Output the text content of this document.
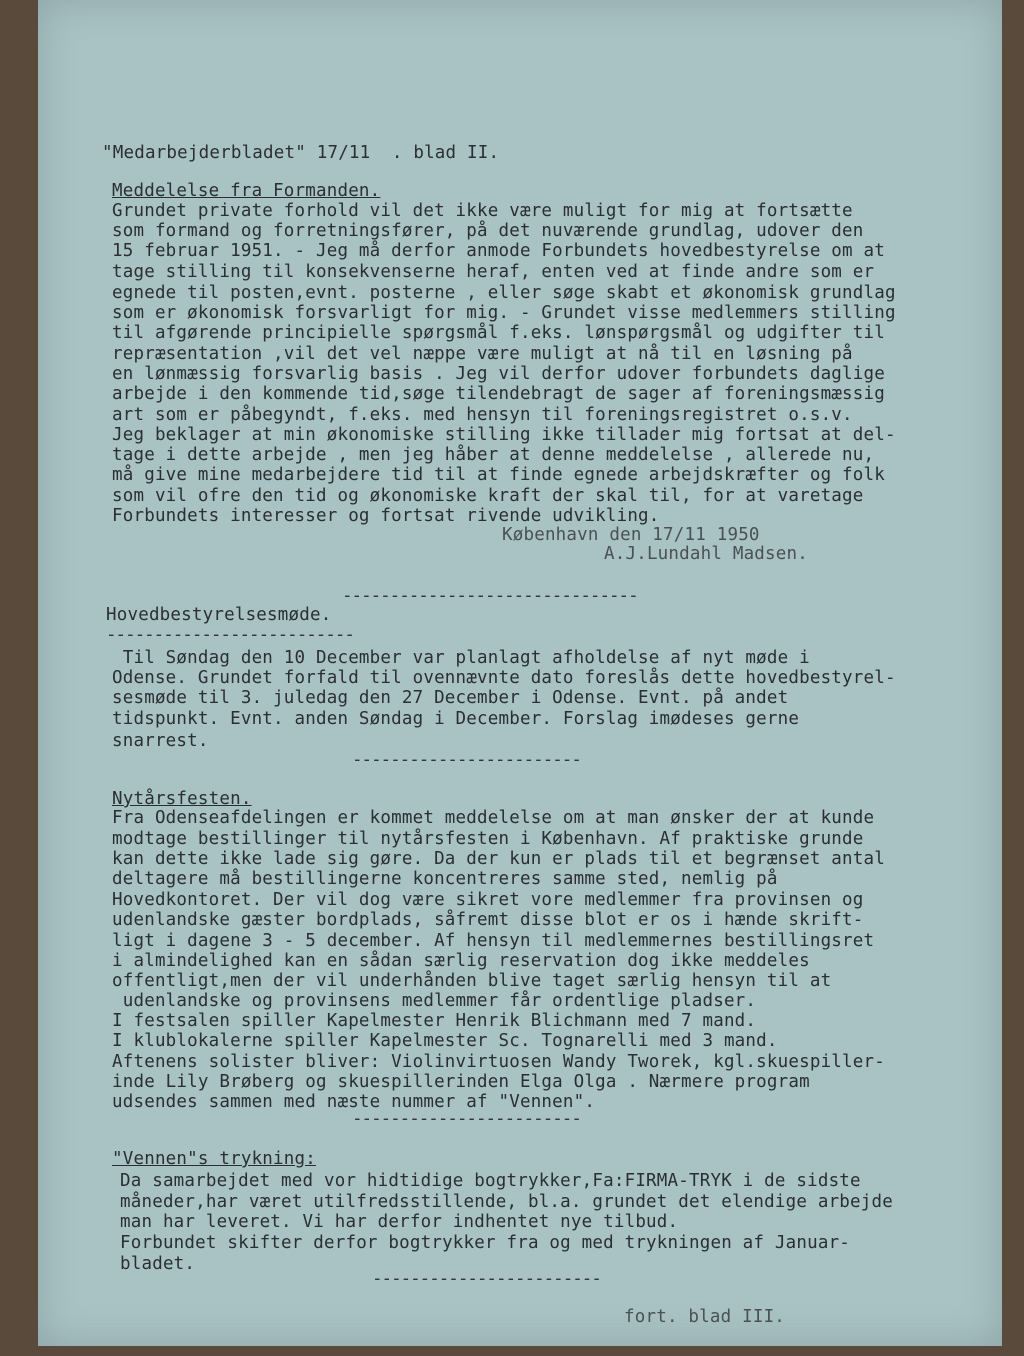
"Medarbejderbladet" 17/11  . blad II.
Meddelelse fra Formanden.
Grundet private forhold vil det ikke være muligt for mig at fortsætte
som formand og forretningsfører, på det nuværende grundlag, udover den
15 februar 1951. - Jeg må derfor anmode Forbundets hovedbestyrelse om at
tage stilling til konsekvenserne heraf, enten ved at finde andre som er
egnede til posten,evnt. posterne , eller søge skabt et økonomisk grundlag
som er økonomisk forsvarligt for mig. - Grundet visse medlemmers stilling
til afgørende principielle spørgsmål f.eks. lønspørgsmål og udgifter til
repræsentation ,vil det vel næppe være muligt at nå til en løsning på
en lønmæssig forsvarlig basis . Jeg vil derfor udover forbundets daglige
arbejde i den kommende tid,søge tilendebragt de sager af foreningsmæssig
art som er påbegyndt, f.eks. med hensyn til foreningsregistret o.s.v.
Jeg beklager at min økonomiske stilling ikke tillader mig fortsat at del-
tage i dette arbejde , men jeg håber at denne meddelelse , allerede nu,
må give mine medarbejdere tid til at finde egnede arbejdskræfter og folk
som vil ofre den tid og økonomiske kraft der skal til, for at varetage
Forbundets interesser og fortsat rivende udvikling.
København den 17/11 1950
A.J.Lundahl Madsen.
-------------------------------
Hovedbestyrelsesmøde.
--------------------------
Til Søndag den 10 December var planlagt afholdelse af nyt møde i
Odense. Grundet forfald til ovennævnte dato foreslås dette hovedbestyrel-
sesmøde til 3. juledag den 27 December i Odense. Evnt. på andet
tidspunkt. Evnt. anden Søndag i December. Forslag imødeses gerne
snarrest.
------------------------
Nytårsfesten.
Fra Odenseafdelingen er kommet meddelelse om at man ønsker der at kunde
modtage bestillinger til nytårsfesten i København. Af praktiske grunde
kan dette ikke lade sig gøre. Da der kun er plads til et begrænset antal
deltagere må bestillingerne koncentreres samme sted, nemlig på
Hovedkontoret. Der vil dog være sikret vore medlemmer fra provinsen og
udenlandske gæster bordplads, såfremt disse blot er os i hænde skrift-
ligt i dagene 3 - 5 december. Af hensyn til medlemmernes bestillingsret
i almindelighed kan en sådan særlig reservation dog ikke meddeles
offentligt,men der vil underhånden blive taget særlig hensyn til at
udenlandske og provinsens medlemmer får ordentlige pladser.
I festsalen spiller Kapelmester Henrik Blichmann med 7 mand.
I klublokalerne spiller Kapelmester Sc. Tognarelli med 3 mand.
Aftenens solister bliver: Violinvirtuosen Wandy Tworek, kgl.skuespiller-
inde Lily Brøberg og skuespillerinden Elga Olga . Nærmere program
udsendes sammen med næste nummer af "Vennen".
------------------------
"Vennen"s trykning:
Da samarbejdet med vor hidtidige bogtrykker,Fa:FIRMA-TRYK i de sidste
måneder,har været utilfredsstillende, bl.a. grundet det elendige arbejde
man har leveret. Vi har derfor indhentet nye tilbud.
Forbundet skifter derfor bogtrykker fra og med trykningen af Januar-
bladet.
------------------------
fort. blad III.
